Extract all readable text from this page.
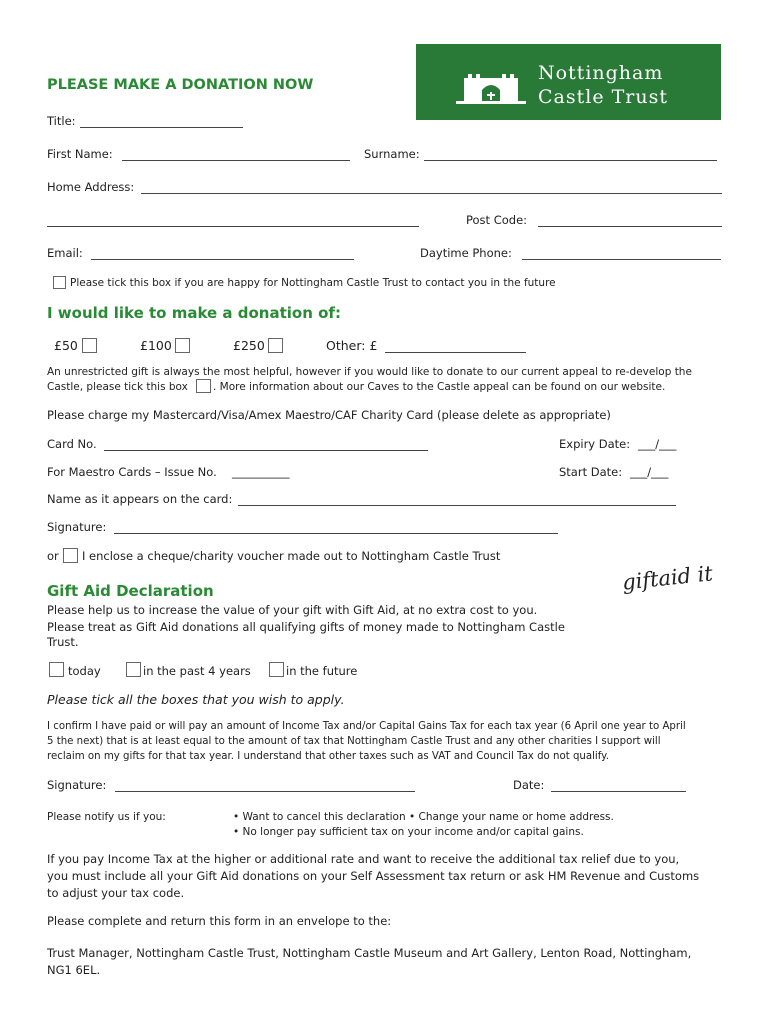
PLEASE MAKE A DONATION NOW
Nottingham
Castle Trust
Title:
First Name:	Surname:
Home Address:
Post Code:
Email:	Daytime Phone:
Please tick this box if you are happy for Nottingham Castle Trust to contact you in the future
I would like to make a donation of:
£50	£100	£250	Other: £
An unrestricted gift is always the most helpful, however if you would like to donate to our current appeal to re-develop the
Castle, please tick this box . More information about our Caves to the Castle appeal can be found on our website.
Please charge my Mastercard/Visa/Amex Maestro/CAF Charity Card (please delete as appropriate)
Card No.	Expiry Date: ___/___
For Maestro Cards – Issue No. __________	Start Date: ___/___
Name as it appears on the card:
Signature:
or I enclose a cheque/charity voucher made out to Nottingham Castle Trust
Gift Aid Declaration	giftaid it
Please help us to increase the value of your gift with Gift Aid, at no extra cost to you.
Please treat as Gift Aid donations all qualifying gifts of money made to Nottingham Castle
Trust.
today	in the past 4 years	in the future
Please tick all the boxes that you wish to apply.
I confirm I have paid or will pay an amount of Income Tax and/or Capital Gains Tax for each tax year (6 April one year to April
5 the next) that is at least equal to the amount of tax that Nottingham Castle Trust and any other charities I support will
reclaim on my gifts for that tax year. I understand that other taxes such as VAT and Council Tax do not qualify.
Signature:	Date:
Please notify us if you:	• Want to cancel this declaration • Change your name or home address.
• No longer pay sufficient tax on your income and/or capital gains.
If you pay Income Tax at the higher or additional rate and want to receive the additional tax relief due to you,
you must include all your Gift Aid donations on your Self Assessment tax return or ask HM Revenue and Customs
to adjust your tax code.
Please complete and return this form in an envelope to the:
Trust Manager, Nottingham Castle Trust, Nottingham Castle Museum and Art Gallery, Lenton Road, Nottingham,
NG1 6EL.
